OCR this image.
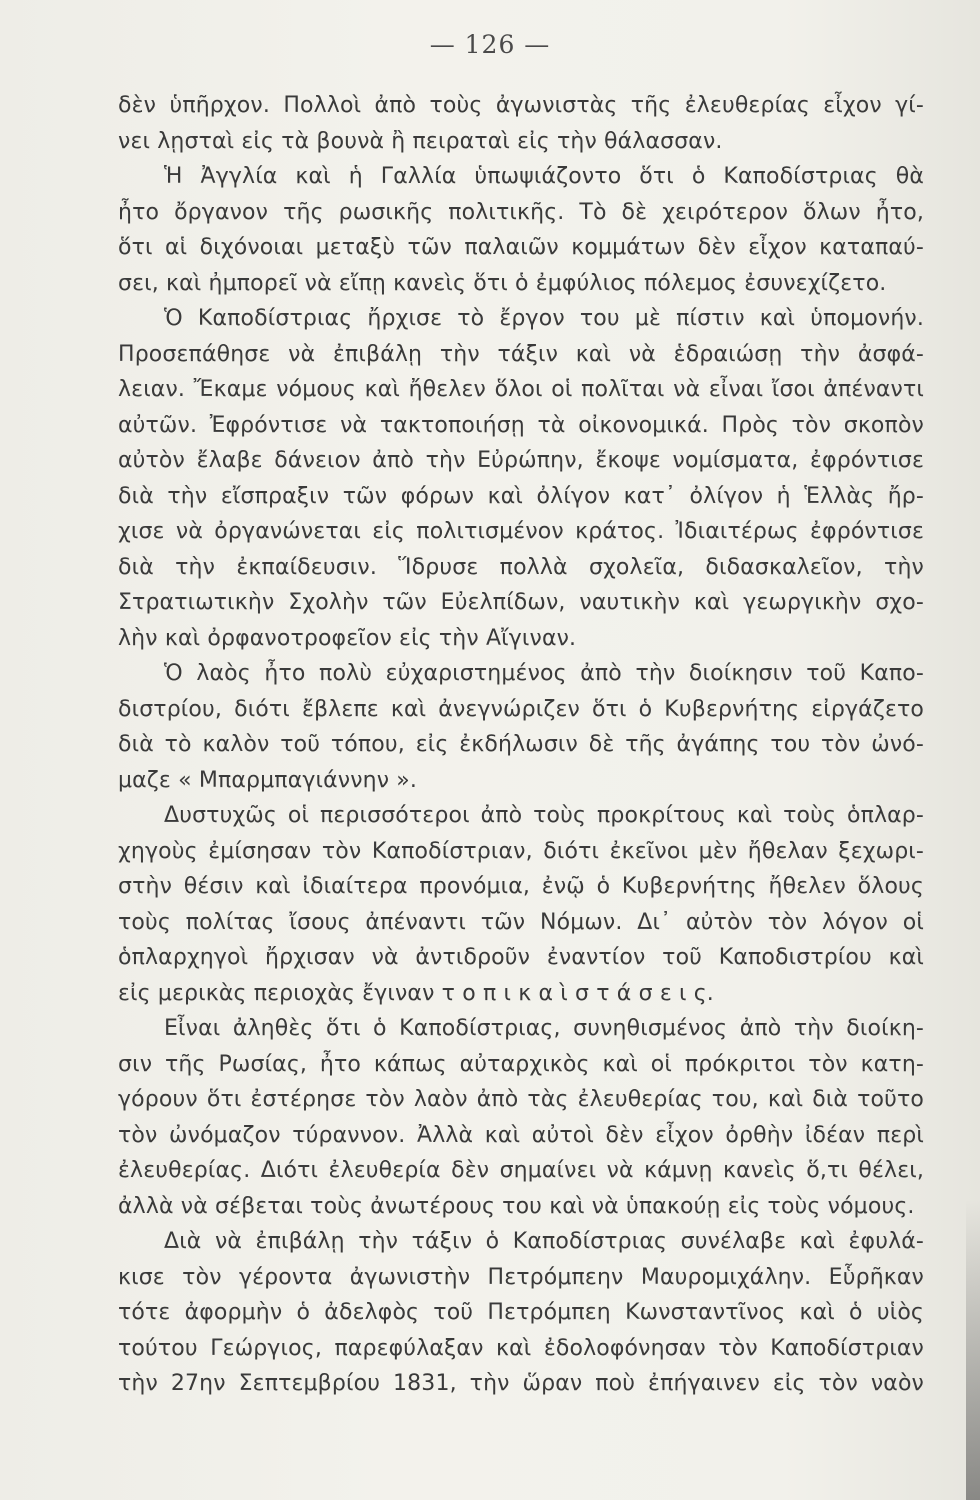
— 126 —
δὲν ὑπῆρχον. Πολλοὶ ἀπὸ τοὺς ἀγωνιστὰς τῆς ἐλευθερίας εἶχον γί-
νει λῃσταὶ εἰς τὰ βουνὰ ἢ πειραταὶ εἰς τὴν θάλασσαν.
Ἡ Ἀγγλία καὶ ἡ Γαλλία ὑπωψιάζοντο ὅτι ὁ Καποδίστριας θὰ
ἦτο ὄργανον τῆς ρωσικῆς πολιτικῆς. Τὸ δὲ χειρότερον ὅλων ἦτο,
ὅτι αἱ διχόνοιαι μεταξὺ τῶν παλαιῶν κομμάτων δὲν εἶχον καταπαύ-
σει, καὶ ἠμπορεῖ νὰ εἴπῃ κανεὶς ὅτι ὁ ἐμφύλιος πόλεμος ἐσυνεχίζετο.
Ὁ Καποδίστριας ἤρχισε τὸ ἔργον του μὲ πίστιν καὶ ὑπομονήν.
Προσεπάθησε νὰ ἐπιβάλῃ τὴν τάξιν καὶ νὰ ἑδραιώσῃ τὴν ἀσφά-
λειαν. Ἔκαμε νόμους καὶ ἤθελεν ὅλοι οἱ πολῖται νὰ εἶναι ἴσοι ἀπέναντι
αὐτῶν. Ἐφρόντισε νὰ τακτοποιήσῃ τὰ οἰκονομικά. Πρὸς τὸν σκοπὸν
αὐτὸν ἔλαβε δάνειον ἀπὸ τὴν Εὐρώπην, ἔκοψε νομίσματα, ἐφρόντισε
διὰ τὴν εἴσπραξιν τῶν φόρων καὶ ὀλίγον κατ᾽ ὀλίγον ἡ Ἑλλὰς ἤρ-
χισε νὰ ὀργανώνεται εἰς πολιτισμένον κράτος. Ἰδιαιτέρως ἐφρόντισε
διὰ τὴν ἐκπαίδευσιν. Ἵδρυσε πολλὰ σχολεῖα, διδασκαλεῖον, τὴν
Στρατιωτικὴν Σχολὴν τῶν Εὐελπίδων, ναυτικὴν καὶ γεωργικὴν σχο-
λὴν καὶ ὀρφανοτροφεῖον εἰς τὴν Αἴγιναν.
Ὁ λαὸς ἦτο πολὺ εὐχαριστημένος ἀπὸ τὴν διοίκησιν τοῦ Καπο-
διστρίου, διότι ἔβλεπε καὶ ἀνεγνώριζεν ὅτι ὁ Κυβερνήτης εἰργάζετο
διὰ τὸ καλὸν τοῦ τόπου, εἰς ἐκδήλωσιν δὲ τῆς ἀγάπης του τὸν ὠνό-
μαζε « Μπαρμπαγιάννην ».
Δυστυχῶς οἱ περισσότεροι ἀπὸ τοὺς προκρίτους καὶ τοὺς ὁπλαρ-
χηγοὺς ἐμίσησαν τὸν Καποδίστριαν, διότι ἐκεῖνοι μὲν ἤθελαν ξεχωρι-
στὴν θέσιν καὶ ἰδιαίτερα προνόμια, ἐνῷ ὁ Κυβερνήτης ἤθελεν ὅλους
τοὺς πολίτας ἴσους ἀπέναντι τῶν Νόμων. Δι᾽ αὐτὸν τὸν λόγον οἱ
ὁπλαρχηγοὶ ἤρχισαν νὰ ἀντιδροῦν ἐναντίον τοῦ Καποδιστρίου καὶ
εἰς μερικὰς περιοχὰς ἔγιναν τ ο π ι κ α ὶ σ τ ά σ ε ι ς.
Εἶναι ἀληθὲς ὅτι ὁ Καποδίστριας, συνηθισμένος ἀπὸ τὴν διοίκη-
σιν τῆς Ρωσίας, ἦτο κάπως αὐταρχικὸς καὶ οἱ πρόκριτοι τὸν κατη-
γόρουν ὅτι ἐστέρησε τὸν λαὸν ἀπὸ τὰς ἐλευθερίας του, καὶ διὰ τοῦτο
τὸν ὠνόμαζον τύραννον. Ἀλλὰ καὶ αὐτοὶ δὲν εἶχον ὀρθὴν ἰδέαν περὶ
ἐλευθερίας. Διότι ἐλευθερία δὲν σημαίνει νὰ κάμνῃ κανεὶς ὅ,τι θέλει,
ἀλλὰ νὰ σέβεται τοὺς ἀνωτέρους του καὶ νὰ ὑπακούῃ εἰς τοὺς νόμους.
Διὰ νὰ ἐπιβάλῃ τὴν τάξιν ὁ Καποδίστριας συνέλαβε καὶ ἐφυλά-
κισε τὸν γέροντα ἀγωνιστὴν Πετρόμπεην Μαυρομιχάλην. Εὗρῆκαν
τότε ἀφορμὴν ὁ ἀδελφὸς τοῦ Πετρόμπεη Κωνσταντῖνος καὶ ὁ υἱὸς
τούτου Γεώργιος, παρεφύλαξαν καὶ ἐδολοφόνησαν τὸν Καποδίστριαν
τὴν 27ην Σεπτεμβρίου 1831, τὴν ὥραν ποὺ ἐπήγαινεν εἰς τὸν ναὸν
